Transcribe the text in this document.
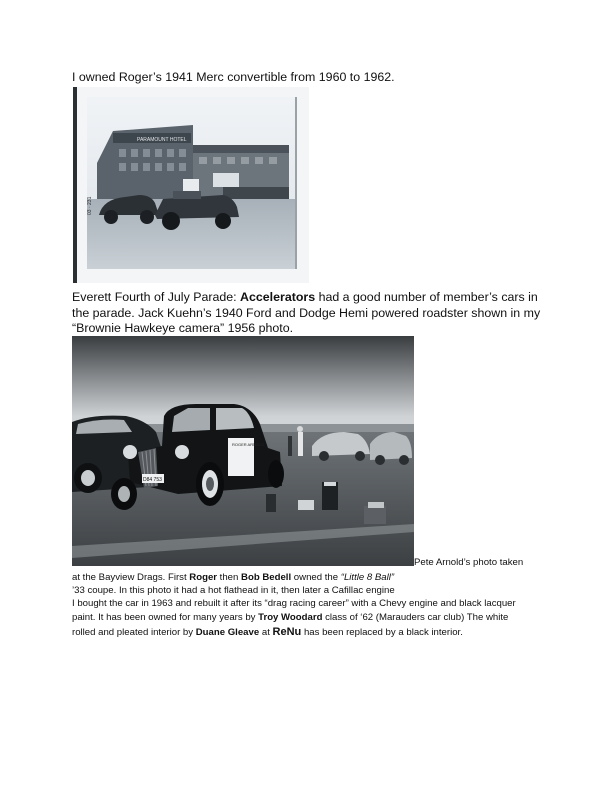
I owned Roger’s 1941 Merc convertible from 1960 to 1962.
PARAMOUNT HOTEL
03 · 231
Everett Fourth of July Parade: Accelerators had a good number of member’s cars in
the parade. Jack Kuehn’s 1940 Ford and Dodge Hemi powered roadster shown in my
“Brownie Hawkeye camera” 1956 photo.
D84 753
ROGER ARNOLD
Pete Arnold’s photo taken
at the Bayview Drags. First Roger then Bob Bedell owned the “Little 8 Ball”
’33 coupe. In this photo it had a hot flathead in it, then later a Cafillac engine
I bought the car in 1963 and rebuilt it after its “drag racing career” with a Chevy engine and black lacquer
paint. It has been owned for many years by Troy Woodard class of ‘62 (Marauders car club) The white
rolled and pleated interior by Duane Gleave at ReNu has been replaced by a black interior.
